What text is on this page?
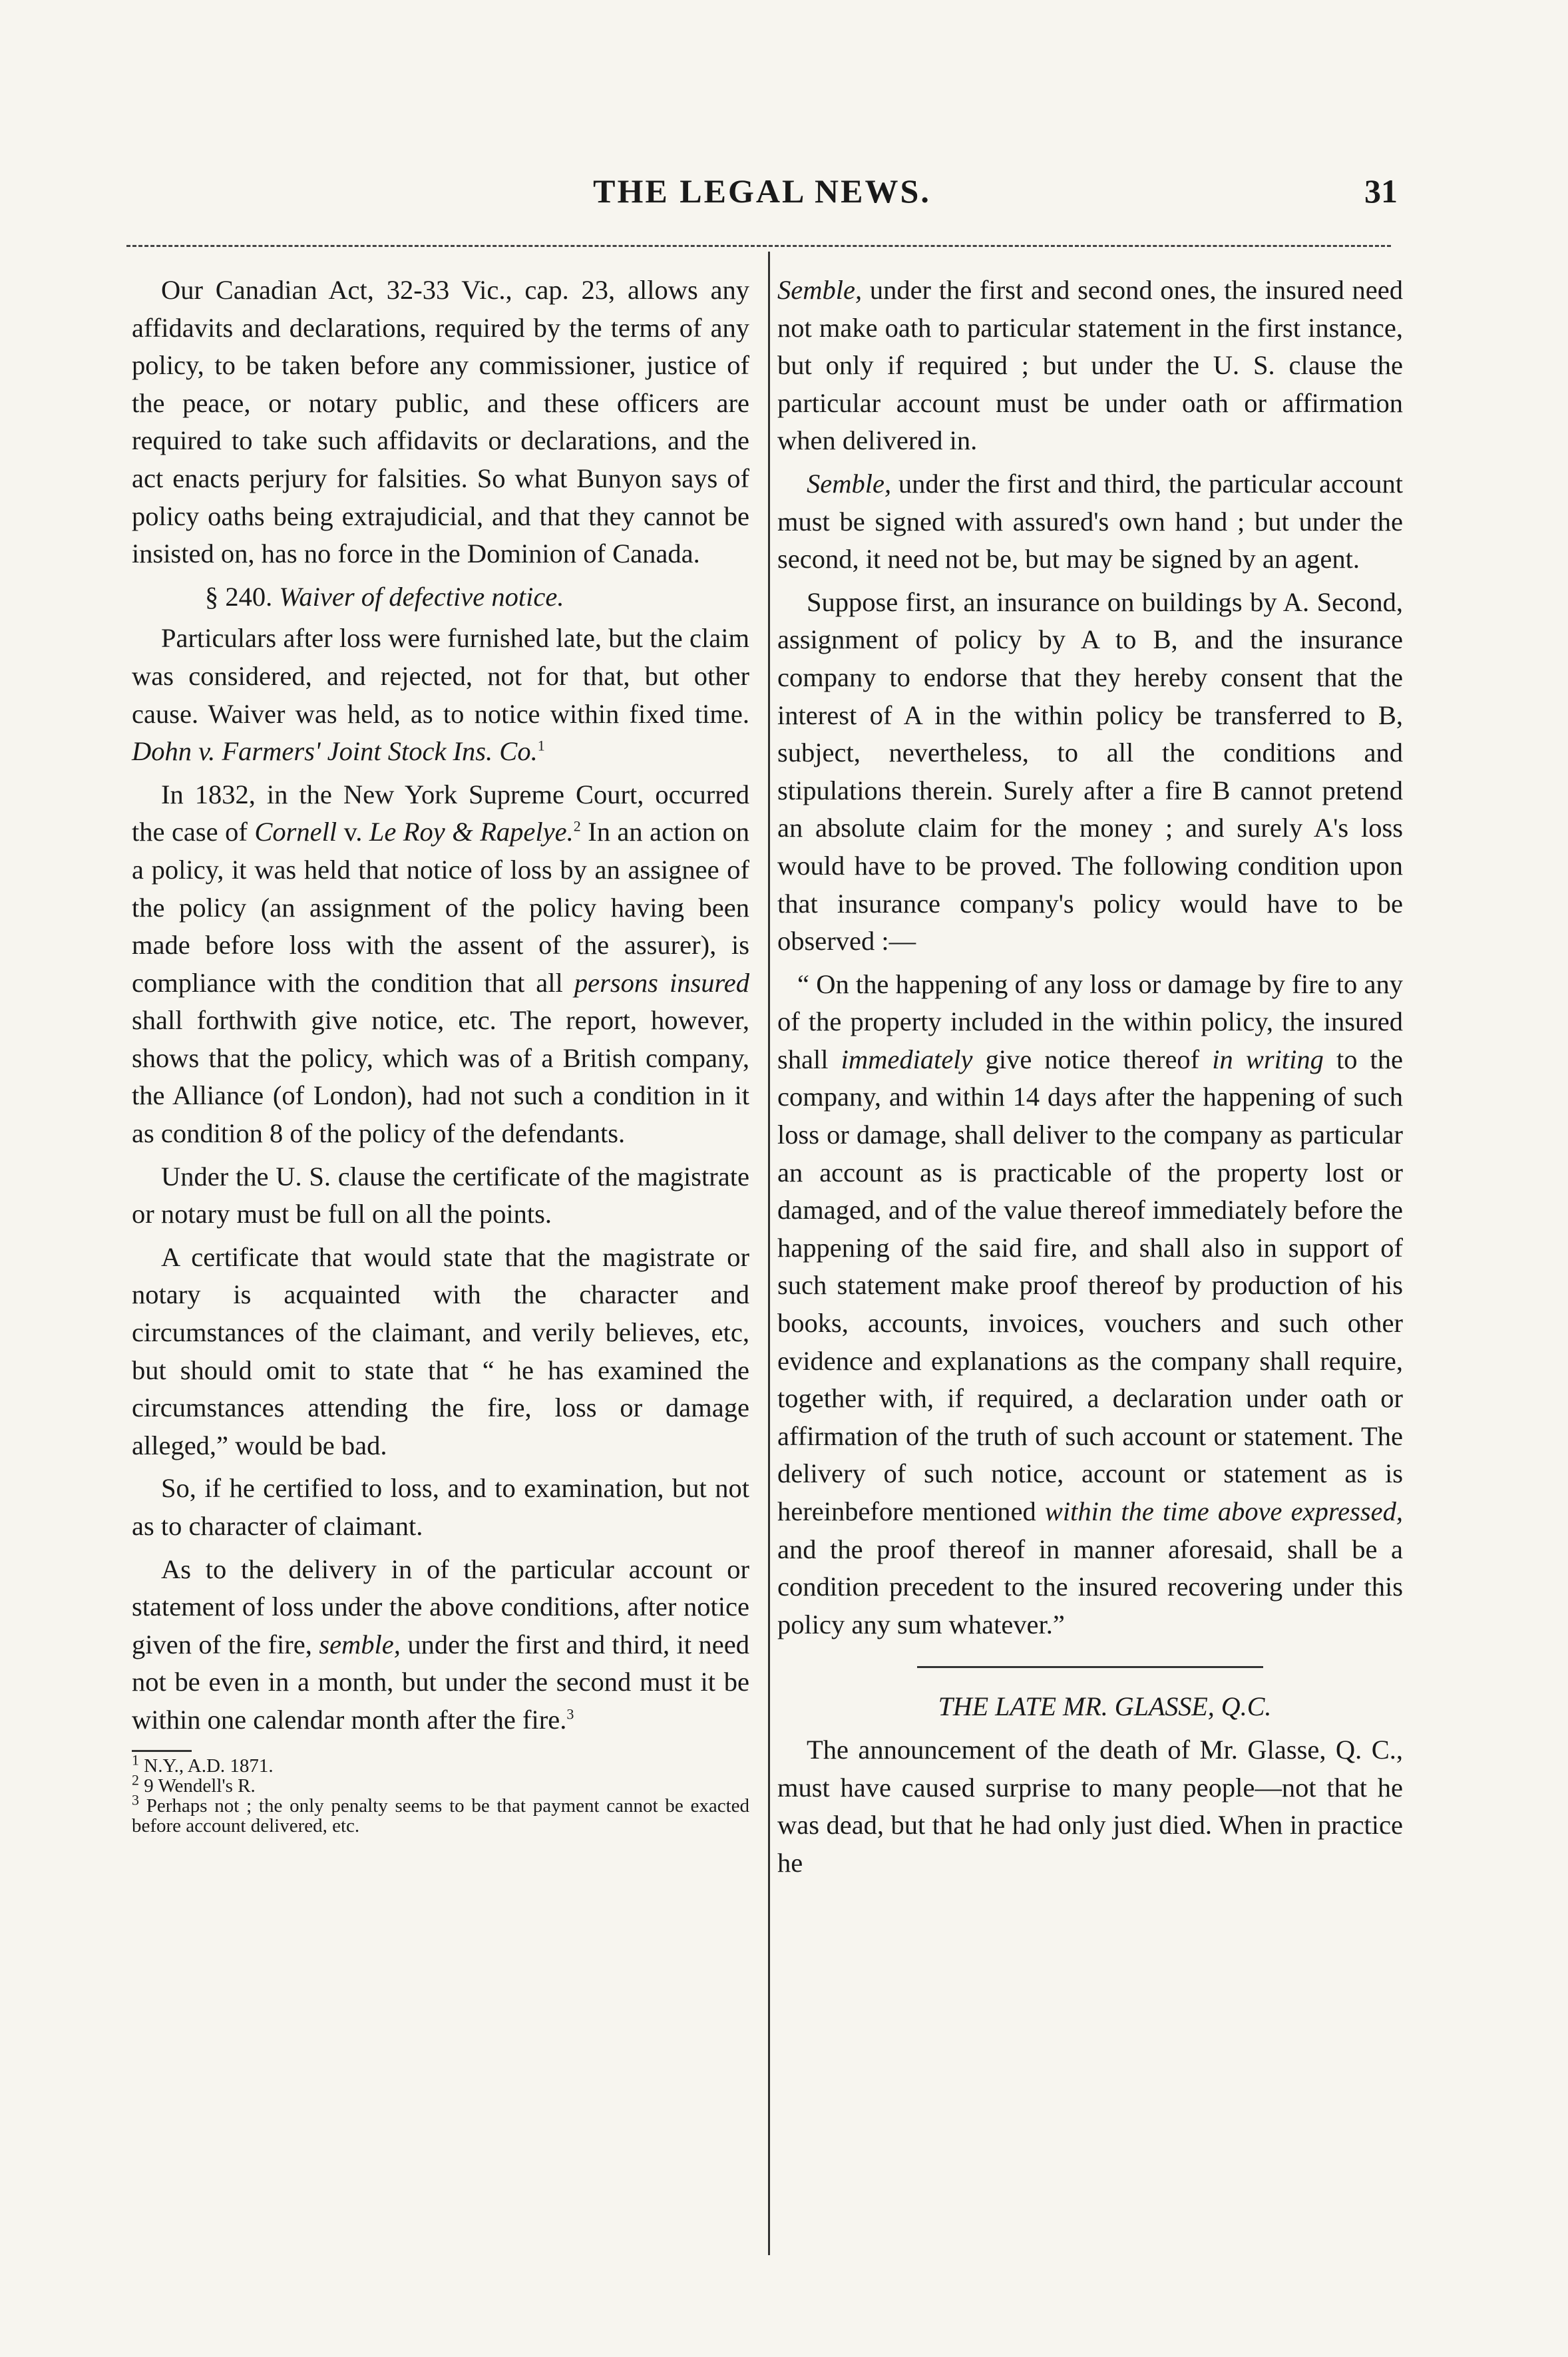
THE LEGAL NEWS.	31

Our Canadian Act, 32-33 Vic., cap. 23, allows any affidavits and declarations, required by the terms of any policy, to be taken before any commissioner, justice of the peace, or notary public, and these officers are required to take such affidavits or declarations, and the act enacts perjury for falsities. So what Bunyon says of policy oaths being extrajudicial, and that they cannot be insisted on, has no force in the Dominion of Canada.

§ 240. Waiver of defective notice.

Particulars after loss were furnished late, but the claim was considered, and rejected, not for that, but other cause. Waiver was held, as to notice within fixed time. Dohn v. Farmers' Joint Stock Ins. Co.$^1$

In 1832, in the New York Supreme Court, occurred the case of Cornell v. Le Roy & Rapelye.$^2$ In an action on a policy, it was held that notice of loss by an assignee of the policy (an assignment of the policy having been made before loss with the assent of the assurer), is compliance with the condition that all persons insured shall forthwith give notice, etc. The report, however, shows that the policy, which was of a British company, the Alliance (of London), had not such a condition in it as condition 8 of the policy of the defendants.

Under the U. S. clause the certificate of the magistrate or notary must be full on all the points.

A certificate that would state that the magistrate or notary is acquainted with the character and circumstances of the claimant, and verily believes, etc, but should omit to state that “ he has examined the circumstances attending the fire, loss or damage alleged,” would be bad.

So, if he certified to loss, and to examination, but not as to character of claimant.

As to the delivery in of the particular account or statement of loss under the above conditions, after notice given of the fire, semble, under the first and third, it need not be even in a month, but under the second must it be within one calendar month after the fire.$^3$

$^1$ N.Y., A.D. 1871.
$^2$ 9 Wendell's R.
$^3$ Perhaps not ; the only penalty seems to be that payment cannot be exacted before account delivered, etc.

Semble, under the first and second ones, the insured need not make oath to particular statement in the first instance, but only if required ; but under the U. S. clause the particular account must be under oath or affirmation when delivered in.

Semble, under the first and third, the particular account must be signed with assured's own hand ; but under the second, it need not be, but may be signed by an agent.

Suppose first, an insurance on buildings by A. Second, assignment of policy by A to B, and the insurance company to endorse that they hereby consent that the interest of A in the within policy be transferred to B, subject, nevertheless, to all the conditions and stipulations therein. Surely after a fire B cannot pretend an absolute claim for the money ; and surely A's loss would have to be proved. The following condition upon that insurance company's policy would have to be observed :—

“ On the happening of any loss or damage by fire to any of the property included in the within policy, the insured shall immediately give notice thereof in writing to the company, and within 14 days after the happening of such loss or damage, shall deliver to the company as particular an account as is practicable of the property lost or damaged, and of the value thereof immediately before the happening of the said fire, and shall also in support of such statement make proof thereof by production of his books, accounts, invoices, vouchers and such other evidence and explanations as the company shall require, together with, if required, a declaration under oath or affirmation of the truth of such account or statement. The delivery of such notice, account or statement as is hereinbefore mentioned within the time above expressed, and the proof thereof in manner aforesaid, shall be a condition precedent to the insured recovering under this policy any sum whatever.”

THE LATE MR. GLASSE, Q.C.

The announcement of the death of Mr. Glasse, Q. C., must have caused surprise to many people—not that he was dead, but that he had only just died. When in practice he
